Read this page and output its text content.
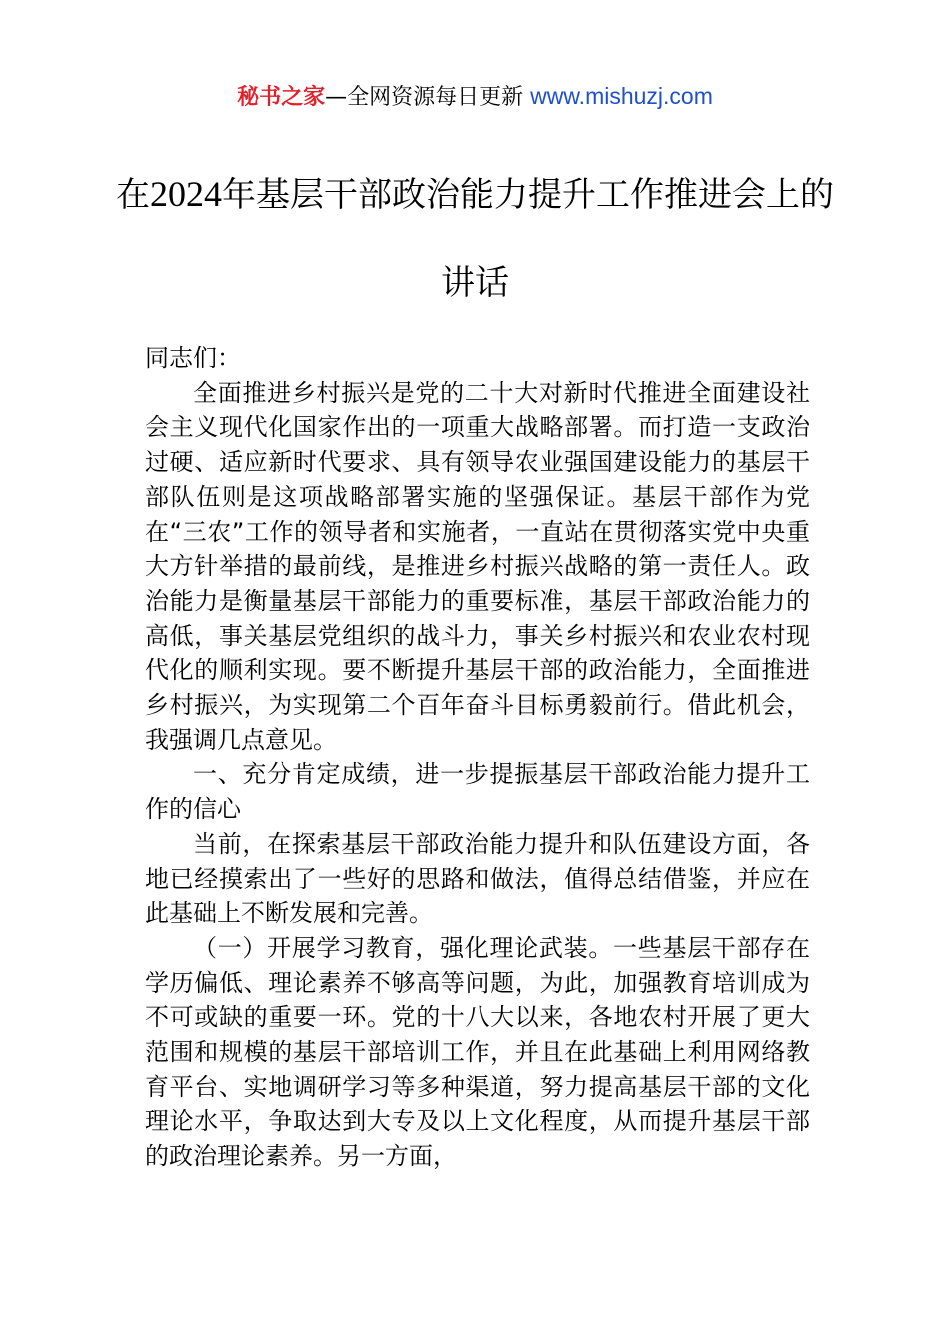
秘书之家—全网资源每日更新 www.mishuzj.com
在2024年基层干部政治能力提升工作推进会上的讲话

同志们：

全面推进乡村振兴是党的二十大对新时代推进全面建设社会主义现代化国家作出的一项重大战略部署。而打造一支政治过硬、适应新时代要求、具有领导农业强国建设能力的基层干部队伍则是这项战略部署实施的坚强保证。基层干部作为党在“三农”工作的领导者和实施者，一直站在贯彻落实党中央重大方针举措的最前线，是推进乡村振兴战略的第一责任人。政治能力是衡量基层干部能力的重要标准，基层干部政治能力的高低，事关基层党组织的战斗力，事关乡村振兴和农业农村现代化的顺利实现。要不断提升基层干部的政治能力，全面推进乡村振兴，为实现第二个百年奋斗目标勇毅前行。借此机会，我强调几点意见。

一、充分肯定成绩，进一步提振基层干部政治能力提升工作的信心

当前，在探索基层干部政治能力提升和队伍建设方面，各地已经摸索出了一些好的思路和做法，值得总结借鉴，并应在此基础上不断发展和完善。

（一）开展学习教育，强化理论武装。一些基层干部存在学历偏低、理论素养不够高等问题，为此，加强教育培训成为不可或缺的重要一环。党的十八大以来，各地农村开展了更大范围和规模的基层干部培训工作，并且在此基础上利用网络教育平台、实地调研学习等多种渠道，努力提高基层干部的文化理论水平，争取达到大专及以上文化程度，从而提升基层干部的政治理论素养。另一方面，
